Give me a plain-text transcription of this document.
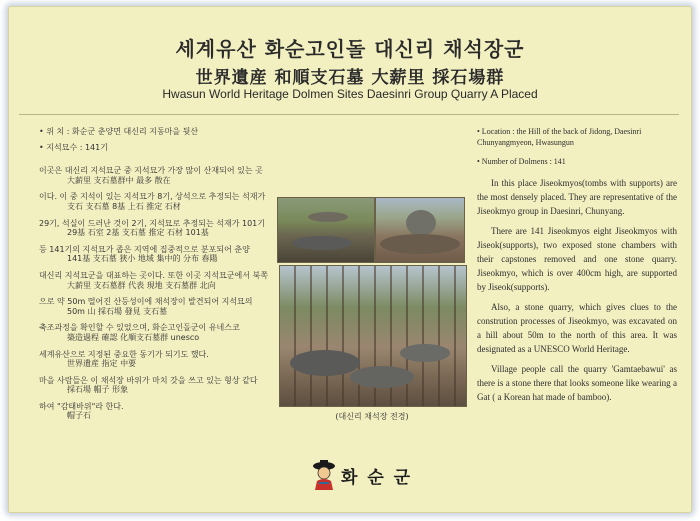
세계유산 화순고인돌 대신리 채석장군
世界遺産 和順支石墓 大薪里 採石場群
Hwasun World Heritage Dolmen Sites Daesinri Group Quarry A Placed
• 위 치 : 화순군 춘양면 대신리 지동마을 뒷산
• 지석묘수 : 141기
이곳은 대신리 지석묘군 중 지석묘가 가장 많이 산재되어 있는 곳
大薪里 支石墓群中 最多 散在
이다. 이 중 지석이 있는 지석묘가 8기, 상석으로 추정되는 석재가
支石 支石墓 8基 上石 推定 石材
29기, 석실이 드러난 것이 2기, 지석묘로 추정되는 석재가 101기
29基 石室 2基 支石墓 推定 石材 101基
등 141기의 지석묘가 좁은 지역에 집중적으로 분포되어 춘양
141基 支石墓 狹小 地域 集中的 分布 春陽
대신리 지석묘군을 대표하는 곳이다. 또한 이곳 지석묘군에서 북쪽
大薪里 支石墓群 代表 現地 支石墓群 北向
으로 약 50m 떨어진 산등성이에 채석장이 발견되어 지석묘의
50m 山 採石場 發見 支石墓
축조과정을 확인할 수 있었으며, 화순고인돌군이 유네스코
築造過程 確認 化順支石墓群 unesco
세계유산으로 지정된 중요한 동기가 되기도 했다.
世界遺産 指定 中要
마을 사람들은 이 채석장 바위가 마치 갓을 쓰고 있는 형상 같다
採石場 帽子 形象
하여 "감태바위"라 한다.
帽子石	(대신리 채석장 전경)
• Location : the Hill of the back of Jidong, Daesinri Chunyangmyeon, Hwasungun
• Number of Dolmens : 141

In this place Jiseokmyos(tombs with supports) are the most densely placed. They are representative of the Jiseokmyo group in Daesinri, Chunyang.

There are 141 Jiseokmyos eight Jiseokmyos with Jiseok(supports), two exposed stone chambers with their capstones removed and one stone quarry. Jiseokmyo, which is over 400cm high, are supported by Jiseok(supports).

Also, a stone quarry, which gives clues to the constrution processes of Jiseokmyo, was excavated on a hill about 50m to the north of this area. It was designated as a UNESCO World Heritage.

Village people call the quarry 'Gamtaebawui' as there is a stone there that looks someone like wearing a Gat ( a Korean hat made of bamboo).

화 순 군
